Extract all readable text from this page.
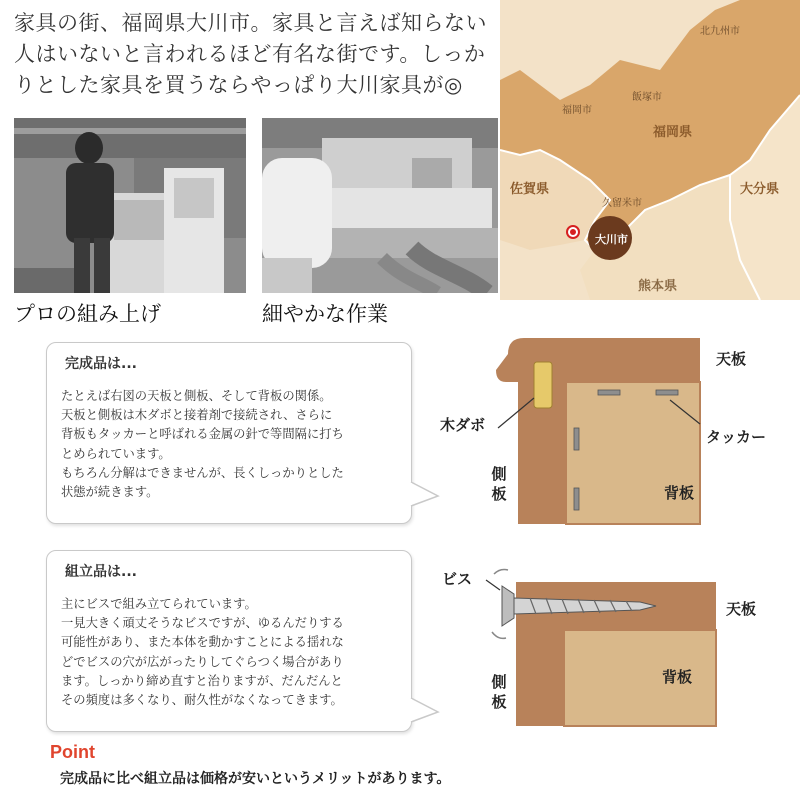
家具の街、福岡県大川市。家具と言えば知らない
人はいないと言われるほど有名な街です。しっか
りとした家具を買うならやっぱり大川家具が◎
プロの組み上げ	細やかな作業
北九州市
福岡市
飯塚市
福岡県
佐賀県	大分県
久留米市
大川市
熊本県
完成品は...

たとえば右図の天板と側板、そして背板の関係。

天板と側板は木ダボと接着剤で接続され、さらに

背板もタッカーと呼ばれる金属の針で等間隔に打ち

とめられています。

もちろん分解はできませんが、長くしっかりとした

状態が続きます。

天板
木ダボ
タッカー
側板	背板
組立品は...

主にビスで組み立てられています。

一見大きく頑丈そうなビスですが、ゆるんだりする

可能性があり、また本体を動かすことによる揺れな

どでビスの穴が広がったりしてぐらつく場合があり

ます。しっかり締め直すと治りますが、だんだんと

その頻度は多くなり、耐久性がなくなってきます。

ビス
天板
側板
背板
Point
完成品に比べ組立品は価格が安いというメリットがあります。
